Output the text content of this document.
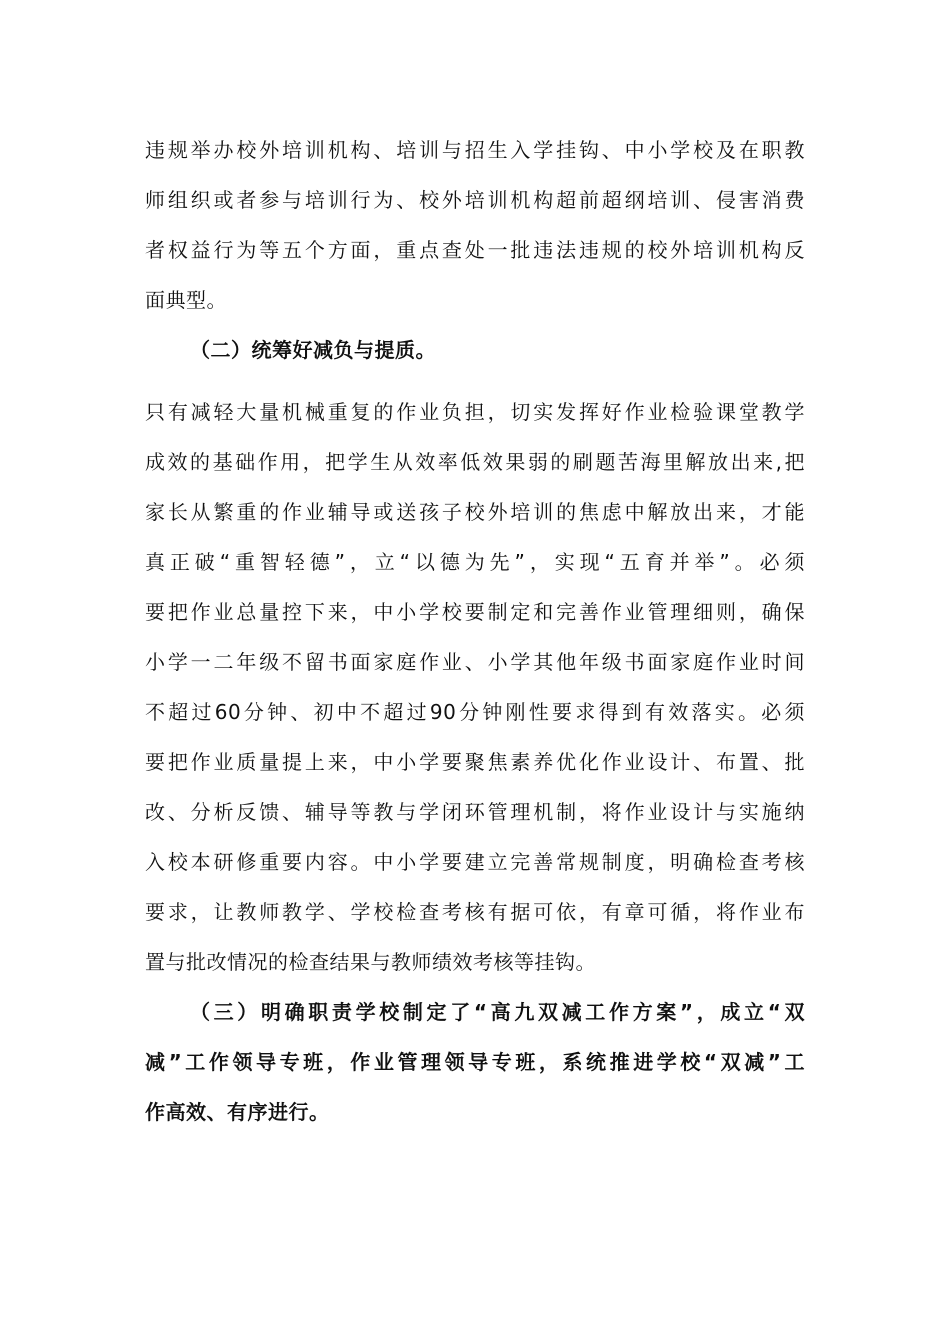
违规举办校外培训机构、培训与招生入学挂钩、中小学校及在职教
师组织或者参与培训行为、校外培训机构超前超纲培训、侵害消费
者权益行为等五个方面，重点查处一批违法违规的校外培训机构反
面典型。
（二）统筹好减负与提质。
只有减轻大量机械重复的作业负担，切实发挥好作业检验课堂教学
成效的基础作用，把学生从效率低效果弱的刷题苦海里解放出来,把
家长从繁重的作业辅导或送孩子校外培训的焦虑中解放出来，才能
真正破“重智轻德”，立“以德为先”，实现“五育并举”。必须
要把作业总量控下来，中小学校要制定和完善作业管理细则，确保
小学一二年级不留书面家庭作业、小学其他年级书面家庭作业时间
不超过60分钟、初中不超过90分钟刚性要求得到有效落实。必须
要把作业质量提上来，中小学要聚焦素养优化作业设计、布置、批
改、分析反馈、辅导等教与学闭环管理机制，将作业设计与实施纳
入校本研修重要内容。中小学要建立完善常规制度，明确检查考核
要求，让教师教学、学校检查考核有据可依，有章可循，将作业布
置与批改情况的检查结果与教师绩效考核等挂钩。
（三）明确职责学校制定了“高九双减工作方案”，成立“双
减”工作领导专班，作业管理领导专班，系统推进学校“双减”工
作高效、有序进行。
